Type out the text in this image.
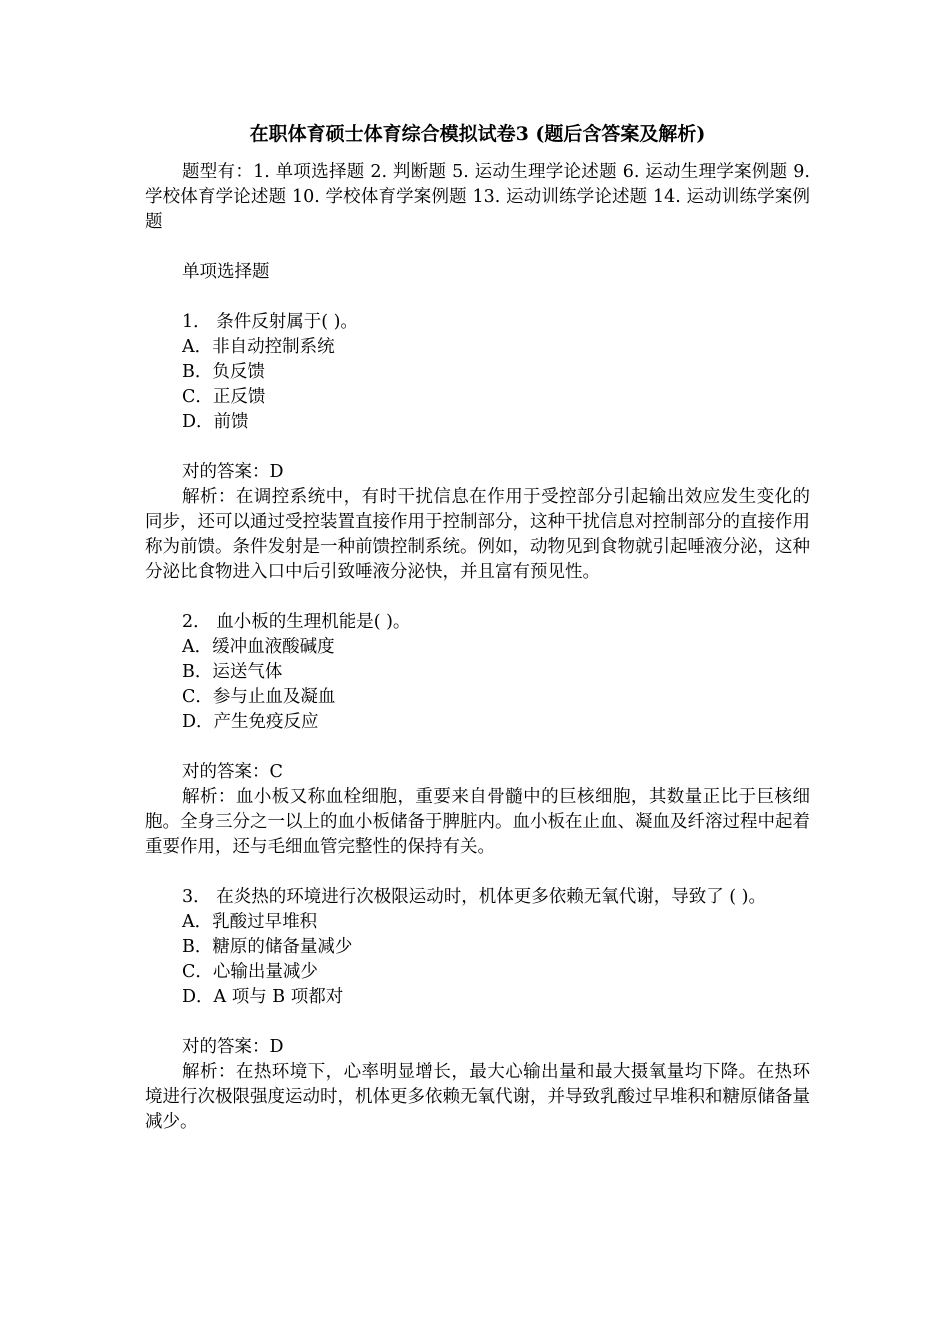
在职体育硕士体育综合模拟试卷3 (题后含答案及解析)

题型有：1. 单项选择题 2. 判断题 5. 运动生理学论述题 6. 运动生理学案例题 9. 学校体育学论述题 10. 学校体育学案例题 13. 运动训练学论述题 14. 运动训练学案例题

单项选择题

1． 条件反射属于( )。

A．非自动控制系统

B．负反馈

C．正反馈

D．前馈

对的答案：D

解析：在调控系统中，有时干扰信息在作用于受控部分引起输出效应发生变化的同步，还可以通过受控装置直接作用于控制部分，这种干扰信息对控制部分的直接作用称为前馈。条件发射是一种前馈控制系统。例如，动物见到食物就引起唾液分泌，这种分泌比食物进入口中后引致唾液分泌快，并且富有预见性。

2． 血小板的生理机能是( )。

A．缓冲血液酸碱度

B．运送气体

C．参与止血及凝血

D．产生免疫反应

对的答案：C

解析：血小板又称血栓细胞，重要来自骨髓中的巨核细胞，其数量正比于巨核细胞。全身三分之一以上的血小板储备于脾脏内。血小板在止血、凝血及纤溶过程中起着重要作用，还与毛细血管完整性的保持有关。

3． 在炎热的环境进行次极限运动时，机体更多依赖无氧代谢，导致了 ( )。

A．乳酸过早堆积

B．糖原的储备量减少

C．心输出量减少

D．A 项与 B 项都对

对的答案：D

解析：在热环境下，心率明显增长，最大心输出量和最大摄氧量均下降。在热环境进行次极限强度运动时，机体更多依赖无氧代谢，并导致乳酸过早堆积和糖原储备量减少。
